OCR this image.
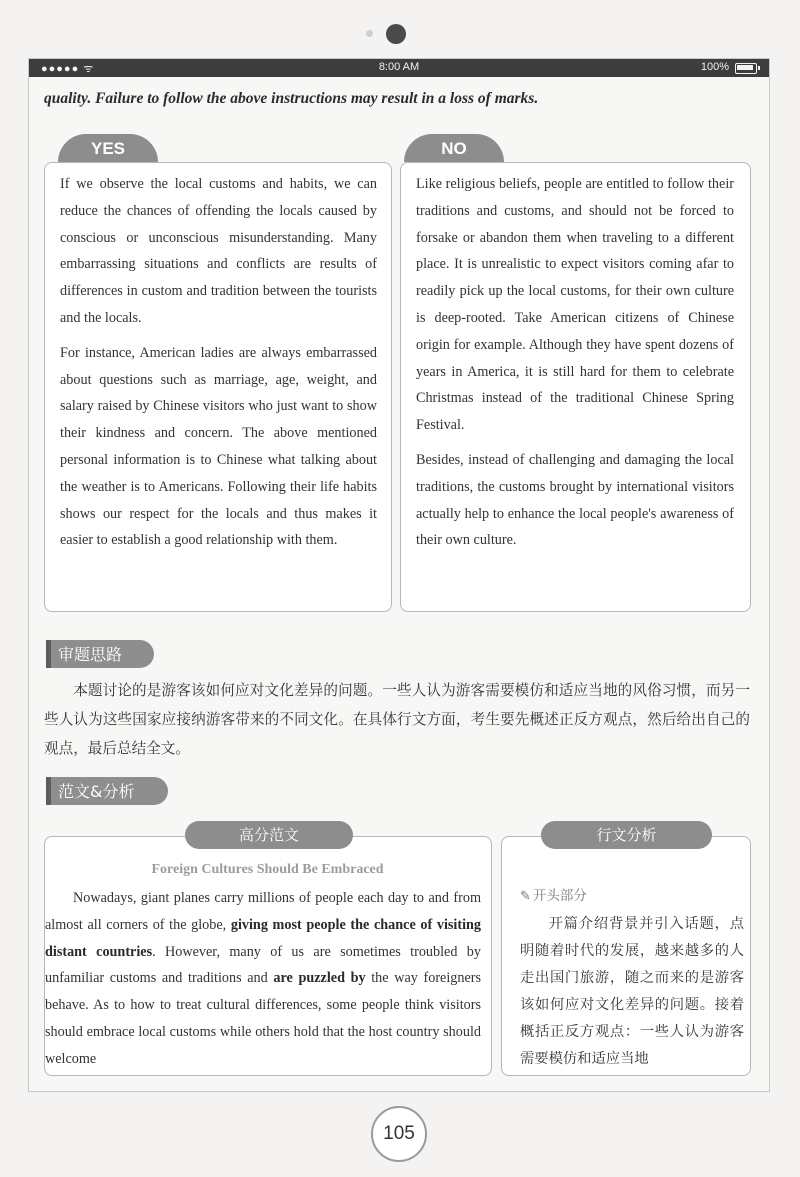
●●●●● ᯤ	8:00 AM	100%
quality. Failure to follow the above instructions may result in a loss of marks.
YES	NO

If we observe the local customs and habits, we can reduce the chances of offending the locals caused by conscious or unconscious misunderstanding. Many embarrassing situations and conflicts are results of differences in custom and tradition between the tourists and the locals.

For instance, American ladies are always embarrassed about questions such as marriage, age, weight, and salary raised by Chinese visitors who just want to show their kindness and concern. The above mentioned personal information is to Chinese what talking about the weather is to Americans. Following their life habits shows our respect for the locals and thus makes it easier to establish a good relationship with them.

Like religious beliefs, people are entitled to follow their traditions and customs, and should not be forced to forsake or abandon them when traveling to a different place. It is unrealistic to expect visitors coming afar to readily pick up the local customs, for their own culture is deep-rooted. Take American citizens of Chinese origin for example. Although they have spent dozens of years in America, it is still hard for them to celebrate Christmas instead of the traditional Chinese Spring Festival.

Besides, instead of challenging and damaging the local traditions, the customs brought by international visitors actually help to enhance the local people's awareness of their own culture.

审题思路
本题讨论的是游客该如何应对文化差异的问题。一些人认为游客需要模仿和适应当地的风俗习惯，而另一些人认为这些国家应接纳游客带来的不同文化。在具体行文方面，考生要先概述正反方观点，然后给出自己的观点，最后总结全文。
范文&分析
Foreign Cultures Should Be Embraced
Nowadays, giant planes carry millions of people each day to and from almost all corners of the globe, giving most people the chance of visiting distant countries. However, many of us are sometimes troubled by unfamiliar customs and traditions and are puzzled by the way foreigners behave. As to how to treat cultural differences, some people think visitors should embrace local customs while others hold that the host country should welcome
✎ 开头部分
开篇介绍背景并引入话题，点明随着时代的发展，越来越多的人走出国门旅游，随之而来的是游客该如何应对文化差异的问题。接着概括正反方观点：一些人认为游客需要模仿和适应当地
高分范文	行文分析
105
